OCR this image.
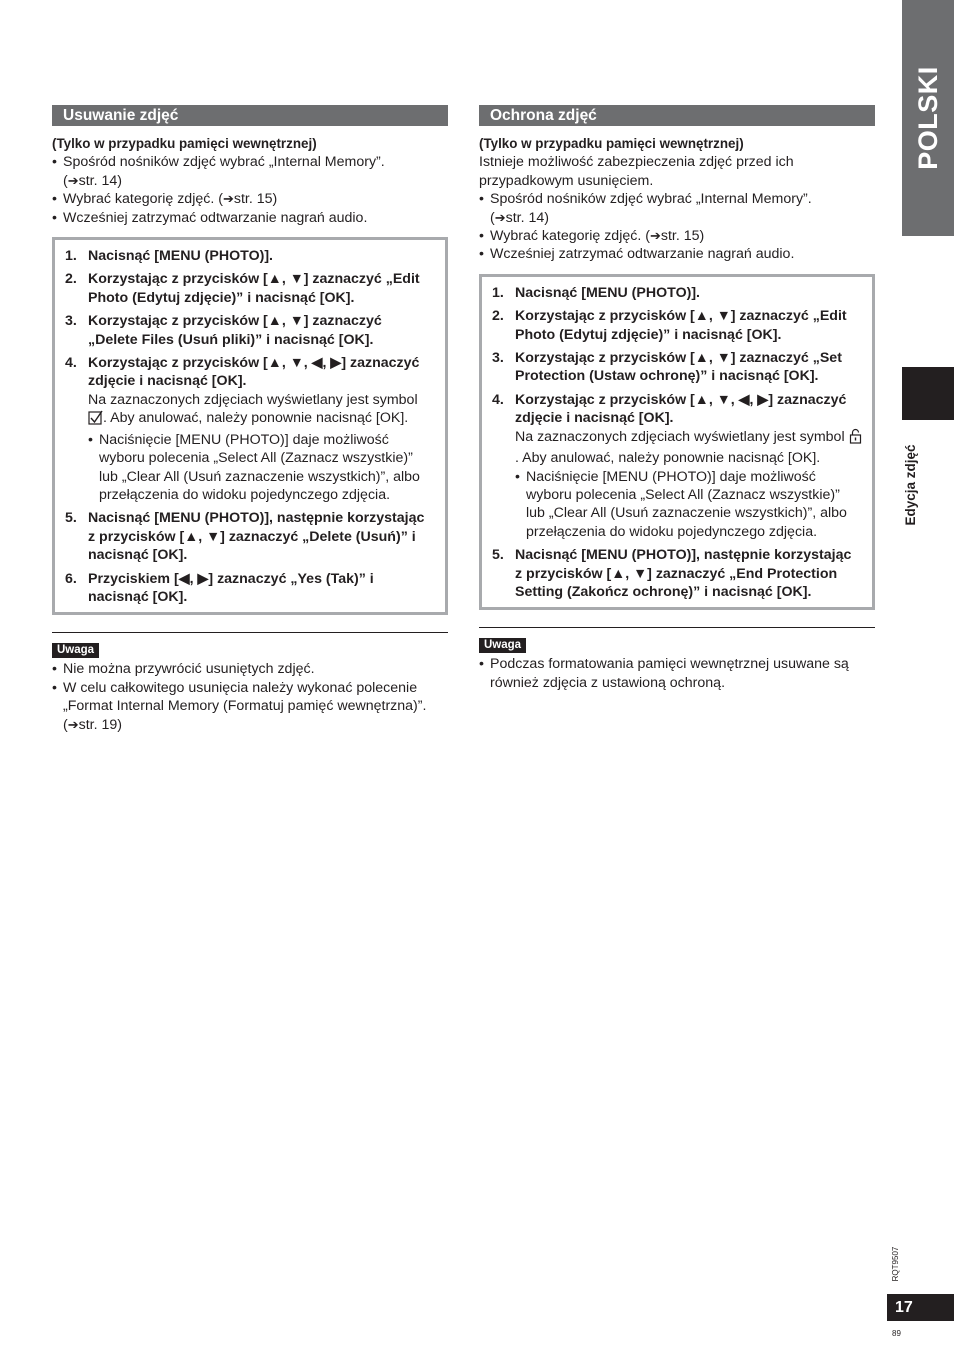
POLSKI
Edycja zdjęć
RQT9507
17
89
Usuwanie zdjęć
(Tylko w przypadku pamięci wewnętrznej)
• Spośród nośników zdjęć wybrać „Internal Memory”.
(➔str. 14)
• Wybrać kategorię zdjęć. (➔str. 15)
• Wcześniej zatrzymać odtwarzanie nagrań audio.
1. Nacisnąć [MENU (PHOTO)].
2. Korzystając z przycisków [▲, ▼] zaznaczyć „Edit Photo (Edytuj zdjęcie)” i nacisnąć [OK].
3. Korzystając z przycisków [▲, ▼] zaznaczyć „Delete Files (Usuń pliki)” i nacisnąć [OK].
4. Korzystając z przycisków [▲, ▼, ◀, ▶] zaznaczyć zdjęcie i nacisnąć [OK].
Na zaznaczonych zdjęciach wyświetlany jest symbol . Aby anulować, należy ponownie nacisnąć [OK].
• Naciśnięcie [MENU (PHOTO)] daje możliwość wyboru polecenia „Select All (Zaznacz wszystkie)” lub „Clear All (Usuń zaznaczenie wszystkich)”, albo przełączenia do widoku pojedynczego zdjęcia.
5. Nacisnąć [MENU (PHOTO)], następnie korzystając z przycisków [▲, ▼] zaznaczyć „Delete (Usuń)” i nacisnąć [OK].
6. Przyciskiem [◀, ▶] zaznaczyć „Yes (Tak)” i nacisnąć [OK].
Uwaga
• Nie można przywrócić usuniętych zdjęć.
• W celu całkowitego usunięcia należy wykonać polecenie „Format Internal Memory (Formatuj pamięć wewnętrzna)”.
(➔str. 19)
Ochrona zdjęć
(Tylko w przypadku pamięci wewnętrznej)
Istnieje możliwość zabezpieczenia zdjęć przed ich przypadkowym usunięciem.
• Spośród nośników zdjęć wybrać „Internal Memory”.
(➔str. 14)
• Wybrać kategorię zdjęć. (➔str. 15)
• Wcześniej zatrzymać odtwarzanie nagrań audio.
1. Nacisnąć [MENU (PHOTO)].
2. Korzystając z przycisków [▲, ▼] zaznaczyć „Edit Photo (Edytuj zdjęcie)” i nacisnąć [OK].
3. Korzystając z przycisków [▲, ▼] zaznaczyć „Set Protection (Ustaw ochronę)” i nacisnąć [OK].
4. Korzystając z przycisków [▲, ▼, ◀, ▶] zaznaczyć zdjęcie i nacisnąć [OK].
Na zaznaczonych zdjęciach wyświetlany jest symbol . Aby anulować, należy ponownie nacisnąć [OK].
• Naciśnięcie [MENU (PHOTO)] daje możliwość wyboru polecenia „Select All (Zaznacz wszystkie)” lub „Clear All (Usuń zaznaczenie wszystkich)”, albo przełączenia do widoku pojedynczego zdjęcia.
5. Nacisnąć [MENU (PHOTO)], następnie korzystając z przycisków [▲, ▼] zaznaczyć „End Protection Setting (Zakończ ochronę)” i nacisnąć [OK].
Uwaga
• Podczas formatowania pamięci wewnętrznej usuwane są również zdjęcia z ustawioną ochroną.
